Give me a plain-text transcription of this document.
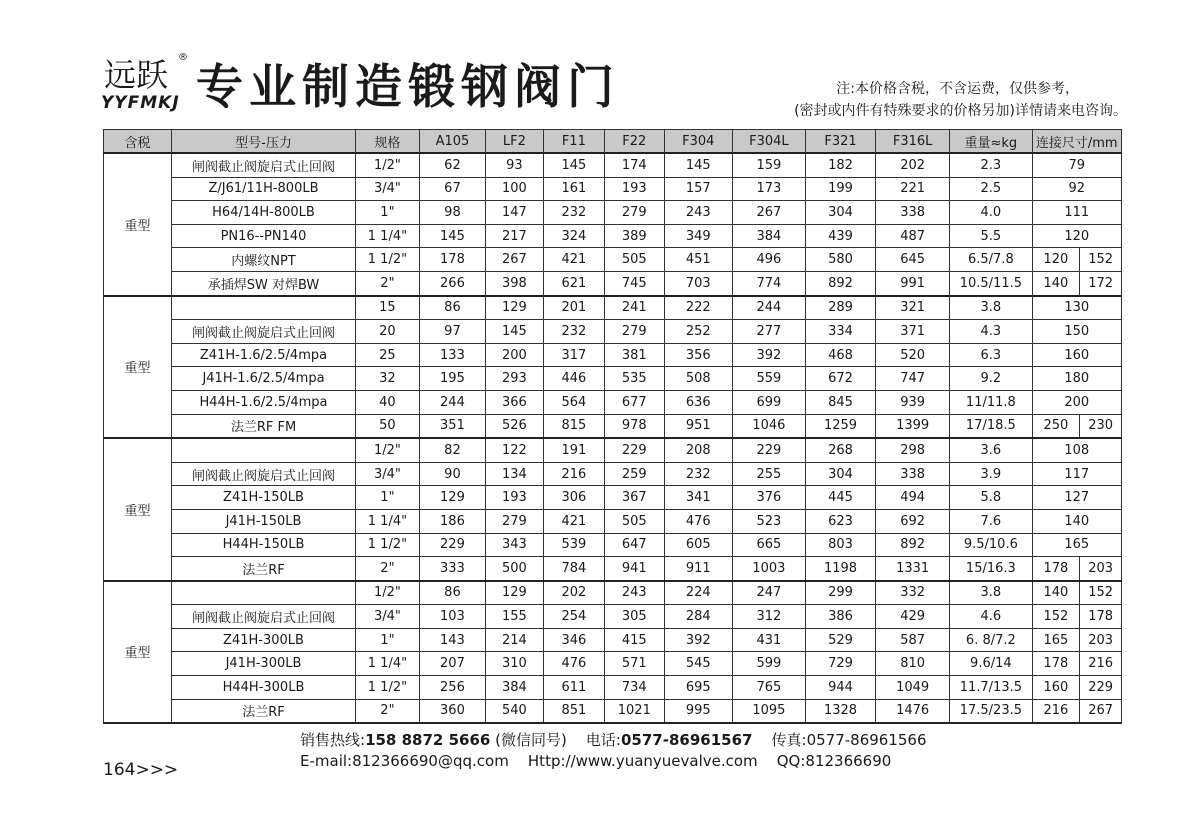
远跃 ®
YYFMKJ 专业制造锻钢阀门	注:本价格含税，不含运费，仅供参考，
(密封或内件有特殊要求的价格另加)详情请来电咨询。
含税	型号-压力	规格	A105	LF2	F11	F22	F304	F304L	F321	F316L	重量≈kg	连接尺寸/mm	
重型	闸阀截止阀旋启式止回阀	1/2"	62	93	145	174	145	159	182	202	2.3	79	
	Z/J61/11H-800LB	3/4"	67	100	161	193	157	173	199	221	2.5	92	
	H64/14H-800LB	1"	98	147	232	279	243	267	304	338	4.0	111	
	PN16--PN140	1 1/4"	145	217	324	389	349	384	439	487	5.5	120	
	内螺纹NPT	1 1/2"	178	267	421	505	451	496	580	645	6.5/7.8	120	152
	承插焊SW 对焊BW	2"	266	398	621	745	703	774	892	991	10.5/11.5	140	172
重型		15	86	129	201	241	222	244	289	321	3.8	130	
	闸阀截止阀旋启式止回阀	20	97	145	232	279	252	277	334	371	4.3	150	
	Z41H-1.6/2.5/4mpa	25	133	200	317	381	356	392	468	520	6.3	160	
	J41H-1.6/2.5/4mpa	32	195	293	446	535	508	559	672	747	9.2	180	
	H44H-1.6/2.5/4mpa	40	244	366	564	677	636	699	845	939	11/11.8	200	
	法兰RF FM	50	351	526	815	978	951	1046	1259	1399	17/18.5	250	230
重型		1/2"	82	122	191	229	208	229	268	298	3.6	108	
	闸阀截止阀旋启式止回阀	3/4"	90	134	216	259	232	255	304	338	3.9	117	
	Z41H-150LB	1"	129	193	306	367	341	376	445	494	5.8	127	
	J41H-150LB	1 1/4"	186	279	421	505	476	523	623	692	7.6	140	
	H44H-150LB	1 1/2"	229	343	539	647	605	665	803	892	9.5/10.6	165	
	法兰RF	2"	333	500	784	941	911	1003	1198	1331	15/16.3	178	203
重型		1/2"	86	129	202	243	224	247	299	332	3.8	140	152
	闸阀截止阀旋启式止回阀	3/4"	103	155	254	305	284	312	386	429	4.6	152	178
	Z41H-300LB	1"	143	214	346	415	392	431	529	587	6. 8/7.2	165	203
	J41H-300LB	1 1/4"	207	310	476	571	545	599	729	810	9.6/14	178	216
	H44H-300LB	1 1/2"	256	384	611	734	695	765	944	1049	11.7/13.5	160	229
	法兰RF	2"	360	540	851	1021	995	1095	1328	1476	17.5/23.5	216	267
销售热线:158 8872 5666 (微信同号) 电话:0577-86961567 传真:0577-86961566
E-mail:812366690@qq.com Http://www.yuanyuevalve.com QQ:812366690
164>>>
